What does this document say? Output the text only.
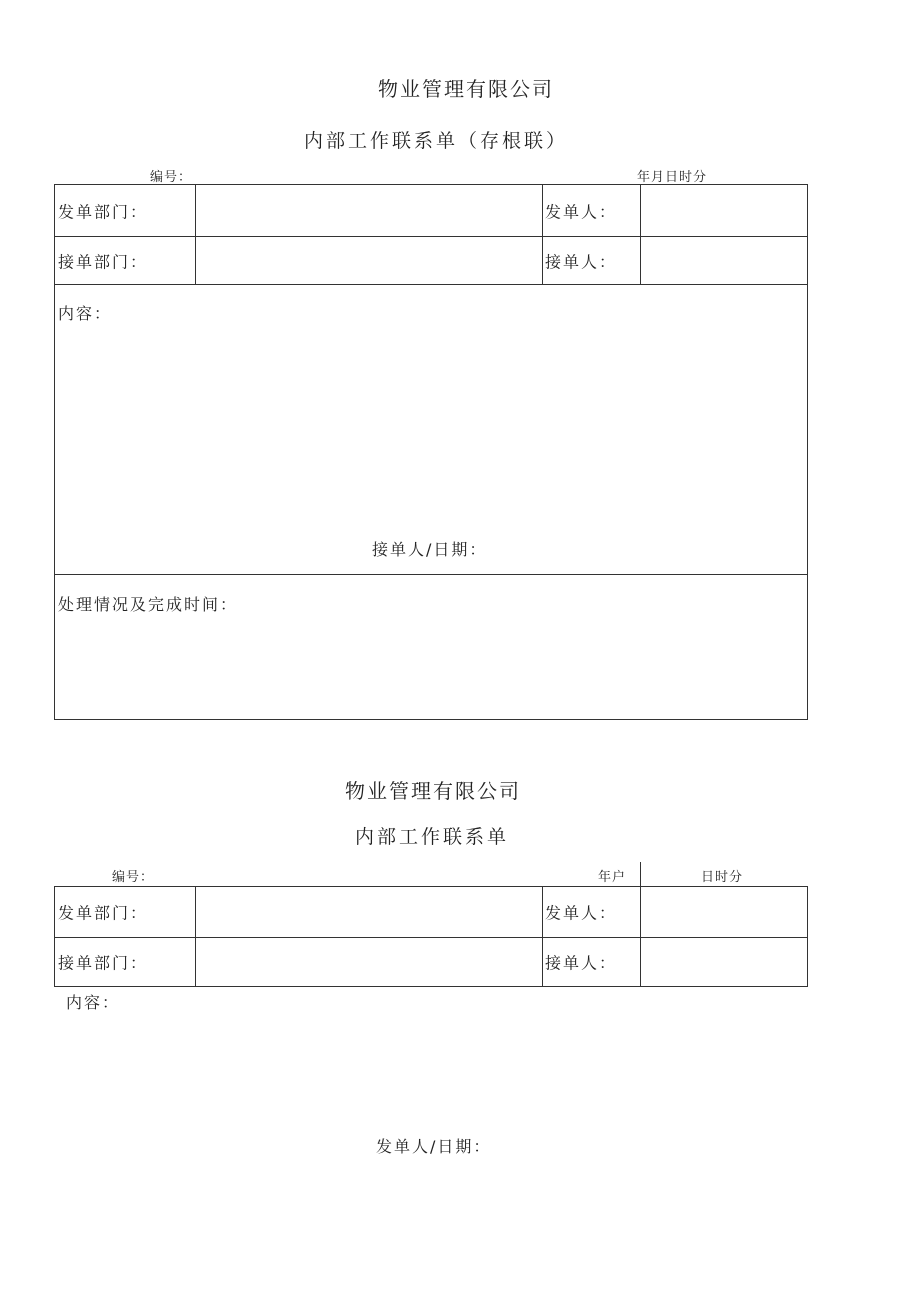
物业管理有限公司
内部工作联系单（存根联）
编号：	年月日时分
发单部门：	发单人：
接单部门：	接单人：
内容：
接单人/日期：
处理情况及完成时间：
物业管理有限公司
内部工作联系单
编号：	年户	日时分
发单部门：	发单人：
接单部门：	接单人：
内容：
发单人/日期：
